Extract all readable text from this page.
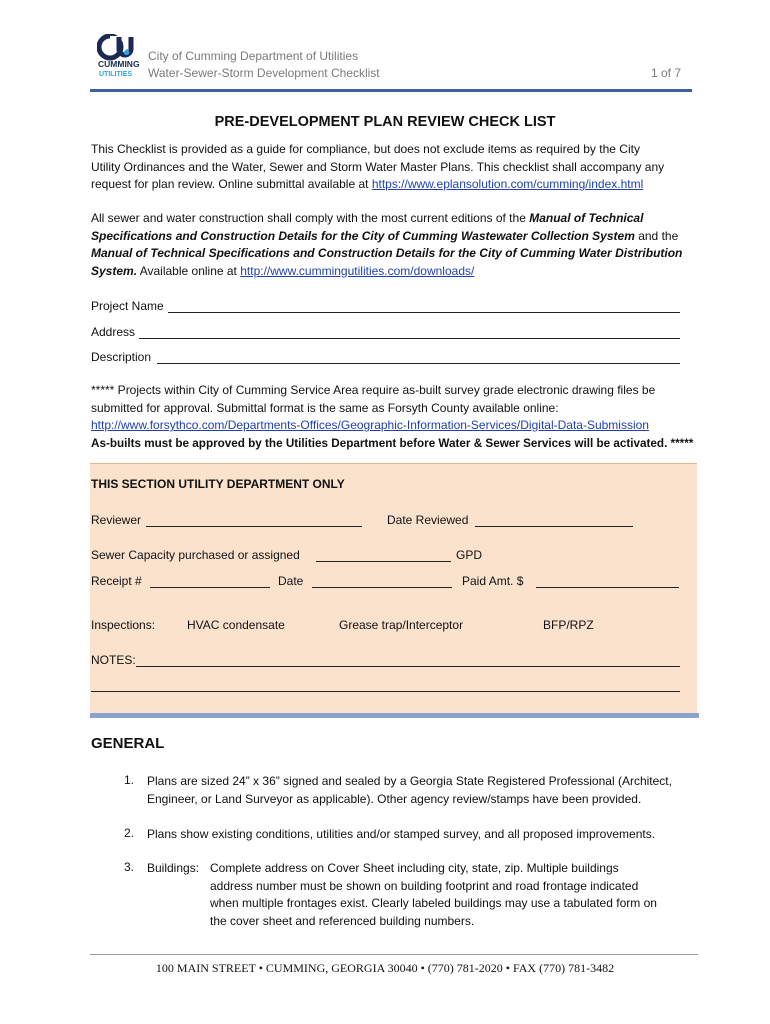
CUMMING
UTILITIES
City of Cumming Department of Utilities
Water-Sewer-Storm Development Checklist	1 of 7
PRE-DEVELOPMENT PLAN REVIEW CHECK LIST
This Checklist is provided as a guide for compliance, but does not exclude items as required by the City
Utility Ordinances and the Water, Sewer and Storm Water Master Plans. This checklist shall accompany any
request for plan review. Online submittal available at https://www.eplansolution.com/cumming/index.html
All sewer and water construction shall comply with the most current editions of the Manual of Technical
Specifications and Construction Details for the City of Cumming Wastewater Collection System and the
Manual of Technical Specifications and Construction Details for the City of Cumming Water Distribution
System. Available online at http://www.cummingutilities.com/downloads/
Project Name
Address
Description
***** Projects within City of Cumming Service Area require as-built survey grade electronic drawing files be
submitted for approval. Submittal format is the same as Forsyth County available online:
http://www.forsythco.com/Departments-Offices/Geographic-Information-Services/Digital-Data-Submission
As-builts must be approved by the Utilities Department before Water & Sewer Services will be activated. *****
THIS SECTION UTILITY DEPARTMENT ONLY
Reviewer	Date Reviewed
Sewer Capacity purchased or assigned	GPD
Receipt #	Date	Paid Amt. $
Inspections:	HVAC condensate	Grease trap/Interceptor	BFP/RPZ
NOTES:
GENERAL
1. Plans are sized 24” x 36” signed and sealed by a Georgia State Registered Professional (Architect,
Engineer, or Land Surveyor as applicable). Other agency review/stamps have been provided.
2. Plans show existing conditions, utilities and/or stamped survey, and all proposed improvements.
3. Buildings: Complete address on Cover Sheet including city, state, zip. Multiple buildings
address number must be shown on building footprint and road frontage indicated
when multiple frontages exist. Clearly labeled buildings may use a tabulated form on
the cover sheet and referenced building numbers.
100 MAIN STREET • CUMMING, GEORGIA 30040 • (770) 781-2020 • FAX (770) 781-3482
